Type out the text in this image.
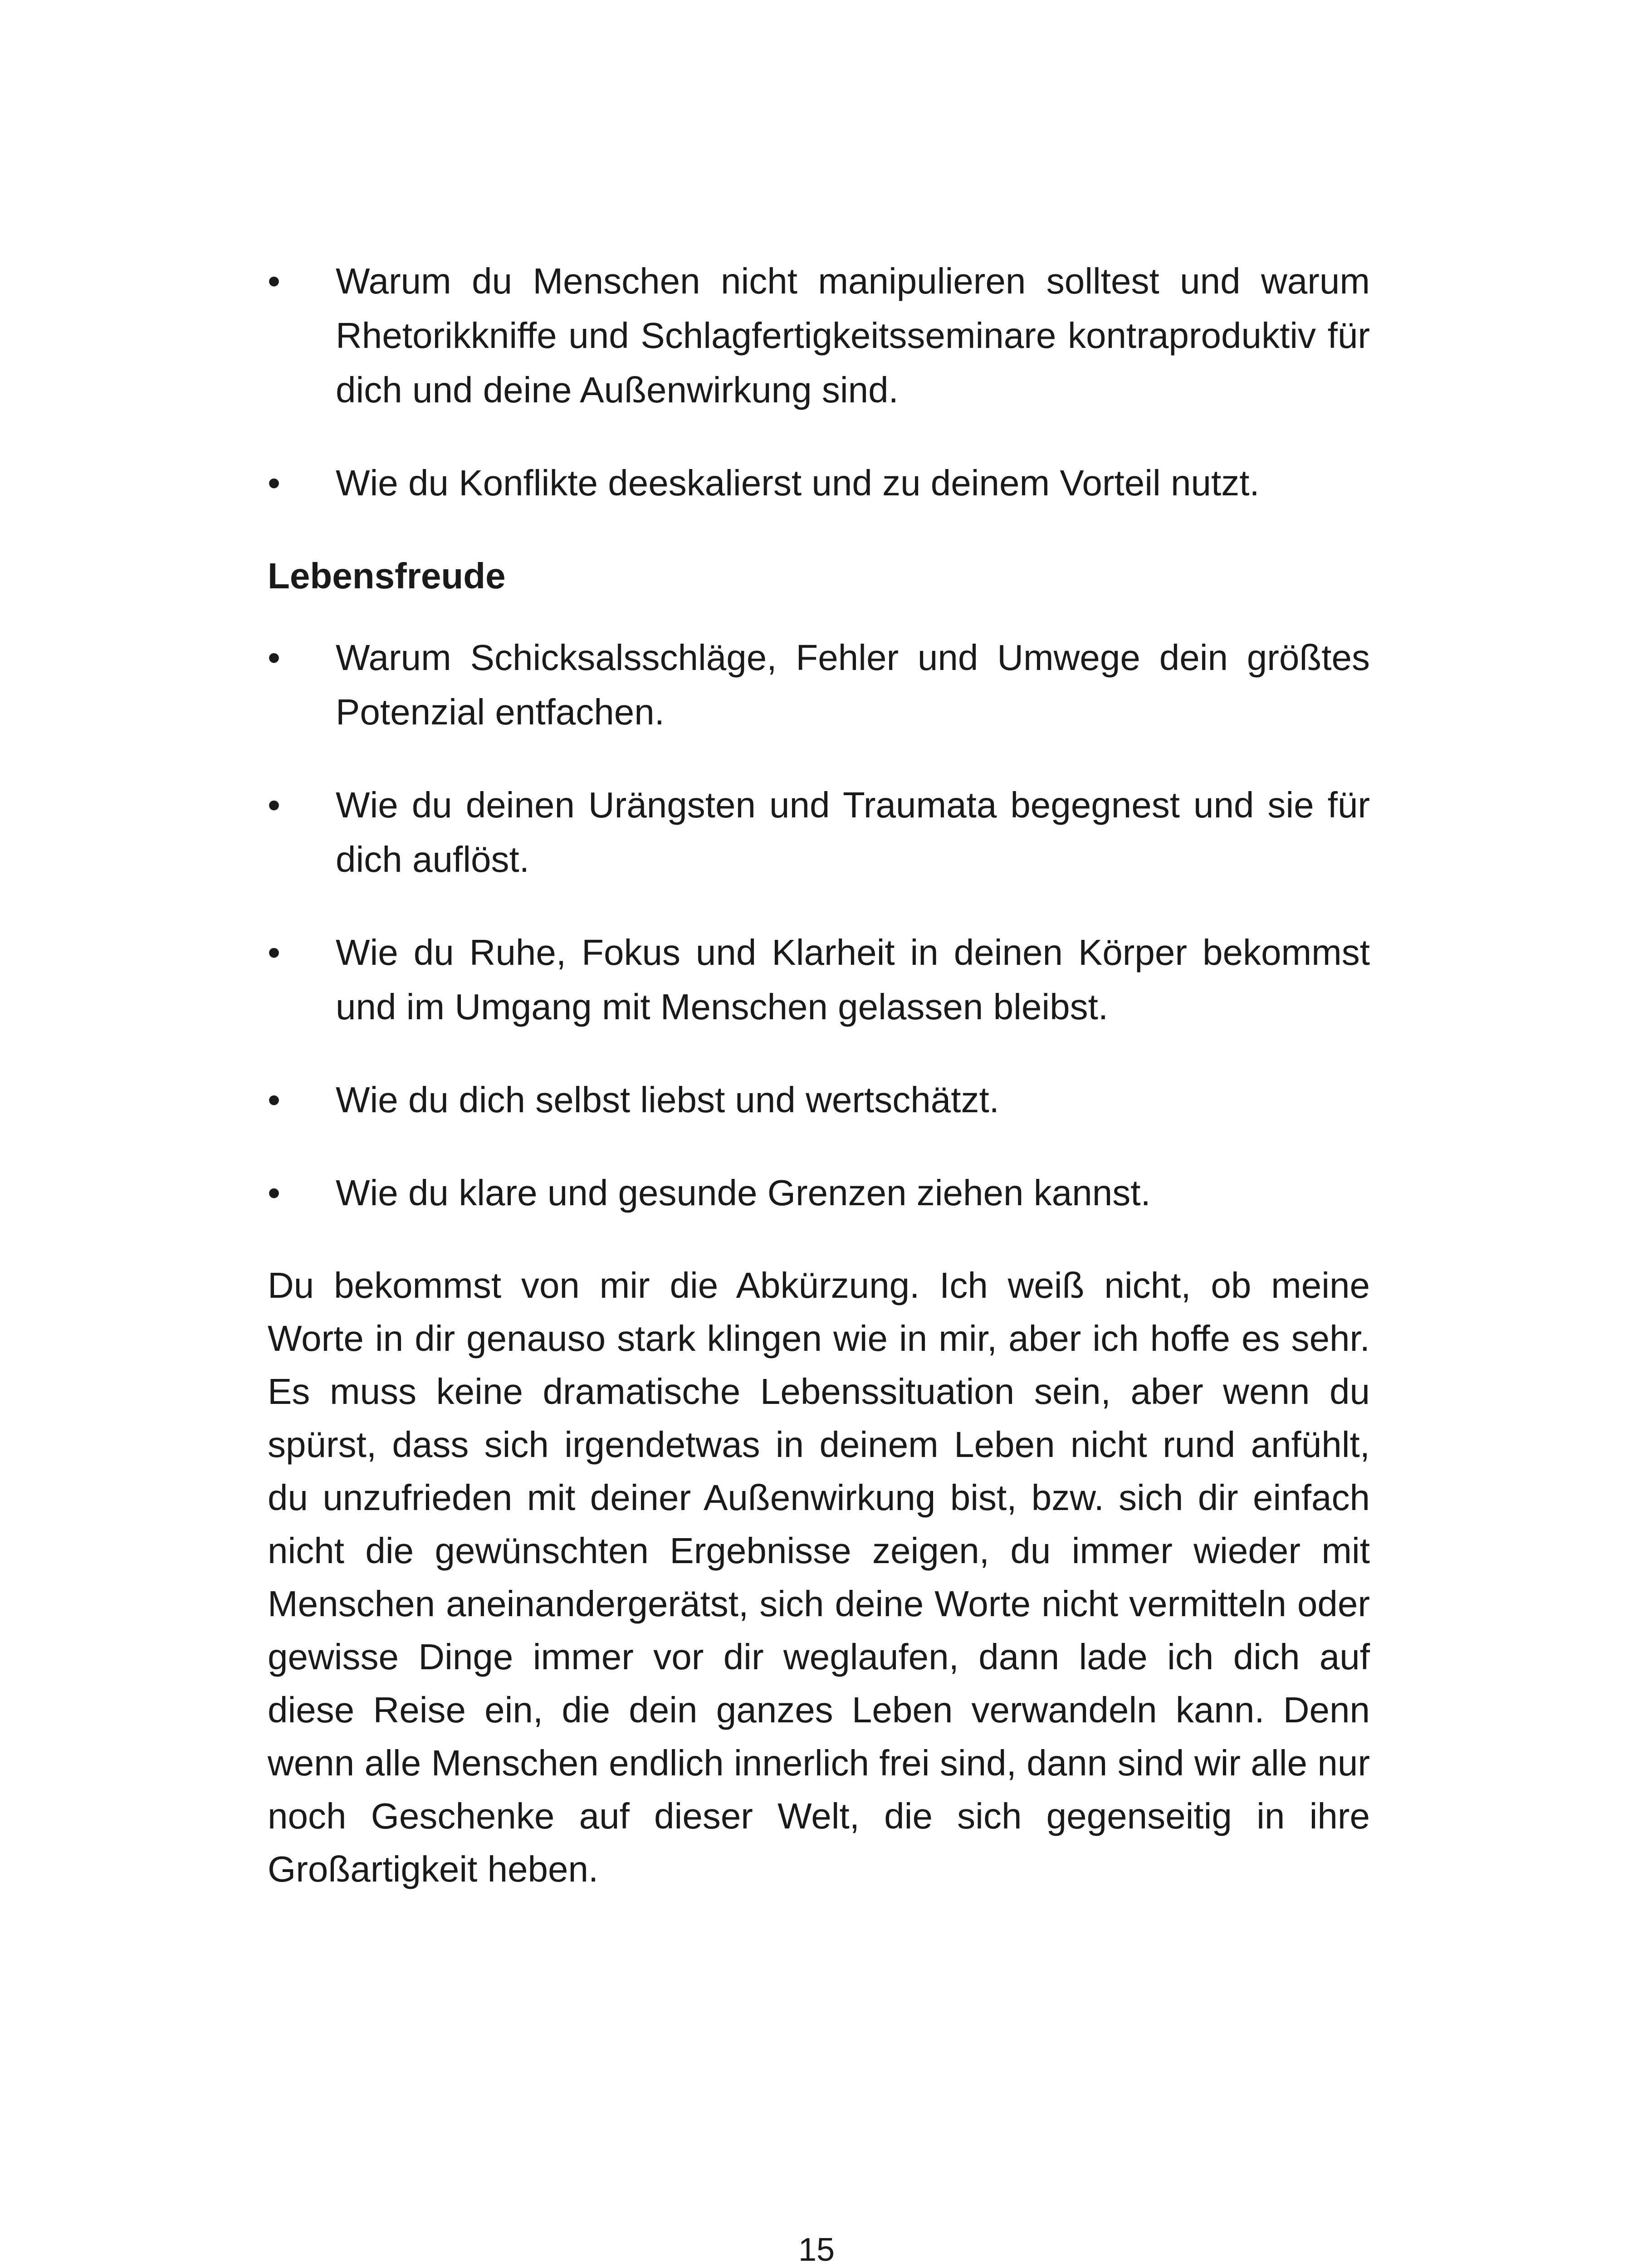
•	Warum du Menschen nicht manipulieren solltest und warum Rhetorikkniffe und Schlagfertigkeitsseminare kontraproduktiv für dich und deine Außenwirkung sind.
•	Wie du Konflikte deeskalierst und zu deinem Vorteil nutzt.
Lebensfreude
•	Warum Schicksalsschläge, Fehler und Umwege dein größtes Potenzial entfachen.
•	Wie du deinen Urängsten und Traumata begegnest und sie für dich auflöst.
•	Wie du Ruhe, Fokus und Klarheit in deinen Körper bekommst und im Umgang mit Menschen gelassen bleibst.
•	Wie du dich selbst liebst und wertschätzt.
•	Wie du klare und gesunde Grenzen ziehen kannst.

Du bekommst von mir die Abkürzung. Ich weiß nicht, ob meine Worte in dir genauso stark klingen wie in mir, aber ich hoffe es sehr. Es muss keine dramatische Lebenssituation sein, aber wenn du spürst, dass sich irgendetwas in deinem Leben nicht rund anfühlt, du unzufrieden mit deiner Außenwirkung bist, bzw. sich dir einfach nicht die gewünschten Ergebnisse zeigen, du immer wieder mit Menschen aneinandergerätst, sich deine Worte nicht vermitteln oder gewisse Dinge immer vor dir weglaufen, dann lade ich dich auf diese Reise ein, die dein ganzes Leben verwandeln kann. Denn wenn alle Menschen endlich innerlich frei sind, dann sind wir alle nur noch Geschenke auf dieser Welt, die sich gegenseitig in ihre Großartigkeit heben.

15
